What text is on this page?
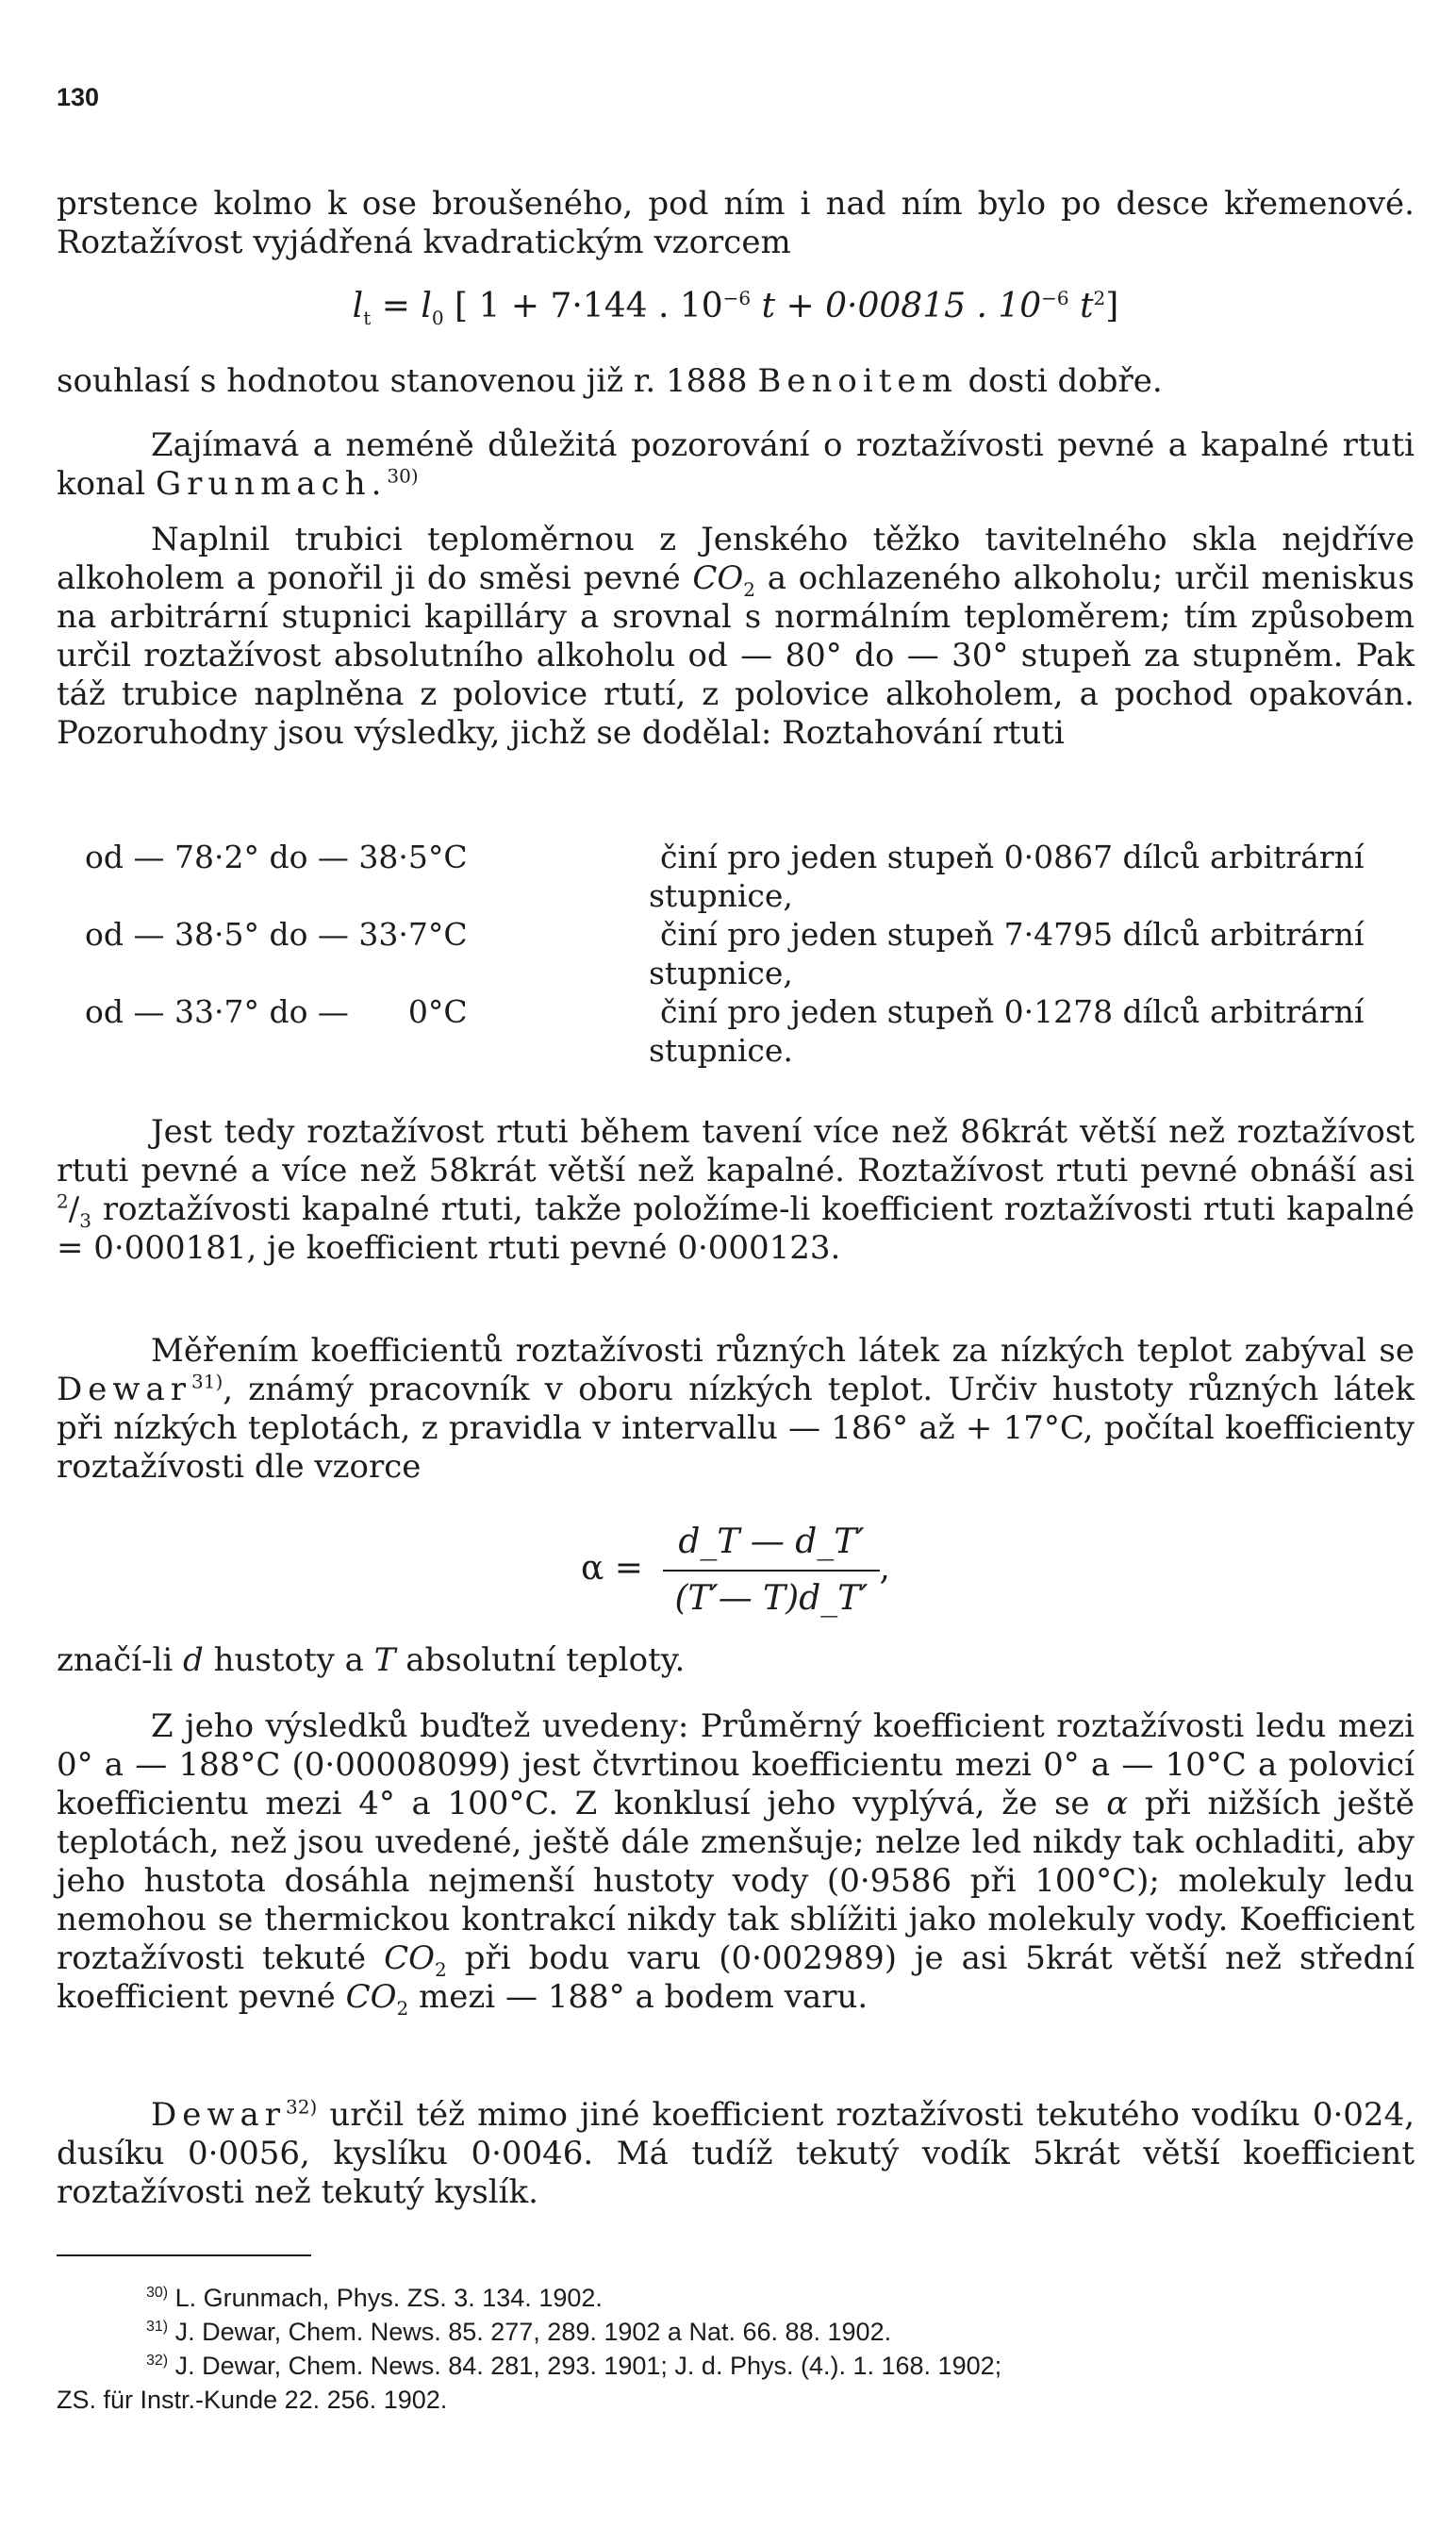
130

prstence kolmo k ose broušeného, pod ním i nad ním bylo po desce křemenové. Roztažívost vyjádřená kvadratickým vzorcem

$l_t = l_0$ [ 1 + 7·144 . $10^{-6}$ t + 0·00815 . $10^{-6}$ $t^2$]

souhlasí s hodnotou stanovenou již r. 1888 Benoitem dosti dobře.

Zajímavá a neméně důležitá pozorování o roztažívosti pevné a kapalné rtuti konal Grunmach.$^{30)}$

Naplnil trubici teploměrnou z Jenského těžko tavitelného skla nejdříve alkoholem a ponořil ji do směsi pevné $CO_2$ a ochlazeného alkoholu; určil meniskus na arbitrární stupnici kapilláry a srovnal s normálním teploměrem; tím způsobem určil roztažívost absolutního alkoholu od — 80° do — 30° stupeň za stupněm. Pak táž trubice naplněna z polovice rtutí, z polovice alkoholem, a pochod opakován. Pozoruhodny jsou výsledky, jichž se dodělal: Roztahování rtuti

od — 78·2° do — 38·5°C	činí pro jeden stupeň 0·0867 dílců arbitrární
stupnice,
od — 38·5° do — 33·7°C	činí pro jeden stupeň 7·4795 dílců arbitrární
stupnice,
od — 33·7° do —      0°C	činí pro jeden stupeň 0·1278 dílců arbitrární
stupnice.

Jest tedy roztažívost rtuti během tavení více než 86krát větší než roztažívost rtuti pevné a více než 58krát větší než kapalné. Roztažívost rtuti pevné obnáší asi $^2/_3$ roztažívosti kapalné rtuti, takže položíme-li koefficient roztažívosti rtuti kapalné = 0·000181, je koefficient rtuti pevné 0·000123.

Měřením koefficientů roztažívosti různých látek za nízkých teplot zabýval se Dewar$^{31)}$, známý pracovník v oboru nízkých teplot. Určiv hustoty různých látek při nízkých teplotách, z pravidla v intervallu — 186° až + 17°C, počítal koefficienty roztažívosti dle vzorce

$\alpha = \frac{d\_T — d\_T'}{(T'— T)d\_T'}$ ,

značí-li d hustoty a T absolutní teploty.

Z jeho výsledků buďtež uvedeny: Průměrný koefficient roztažívosti ledu mezi 0° a — 188°C (0·00008099) jest čtvrtinou koefficientu mezi 0° a — 10°C a polovicí koefficientu mezi 4° a 100°C. Z konklusí jeho vyplývá, že se α při nižších ještě teplotách, než jsou uvedené, ještě dále zmenšuje; nelze led nikdy tak ochladiti, aby jeho hustota dosáhla nejmenší hustoty vody (0·9586 při 100°C); molekuly ledu nemohou se thermickou kontrakcí nikdy tak sblížiti jako molekuly vody. Koefficient roztažívosti tekuté $CO_2$ při bodu varu (0·002989) je asi 5krát větší než střední koefficient pevné $CO_2$ mezi — 188° a bodem varu.

Dewar$^{32)}$ určil též mimo jiné koefficient roztažívosti tekutého vodíku 0·024, dusíku 0·0056, kyslíku 0·0046. Má tudíž tekutý vodík 5krát větší koefficient roztažívosti než tekutý kyslík.

$^{30)}$ L. Grunmach, Phys. ZS. 3. 134. 1902.
$^{31)}$ J. Dewar, Chem. News. 85. 277, 289. 1902 a Nat. 66. 88. 1902.
$^{32)}$ J. Dewar, Chem. News. 84. 281, 293. 1901; J. d. Phys. (4.). 1. 168. 1902;
ZS. für Instr.-Kunde 22. 256. 1902.
